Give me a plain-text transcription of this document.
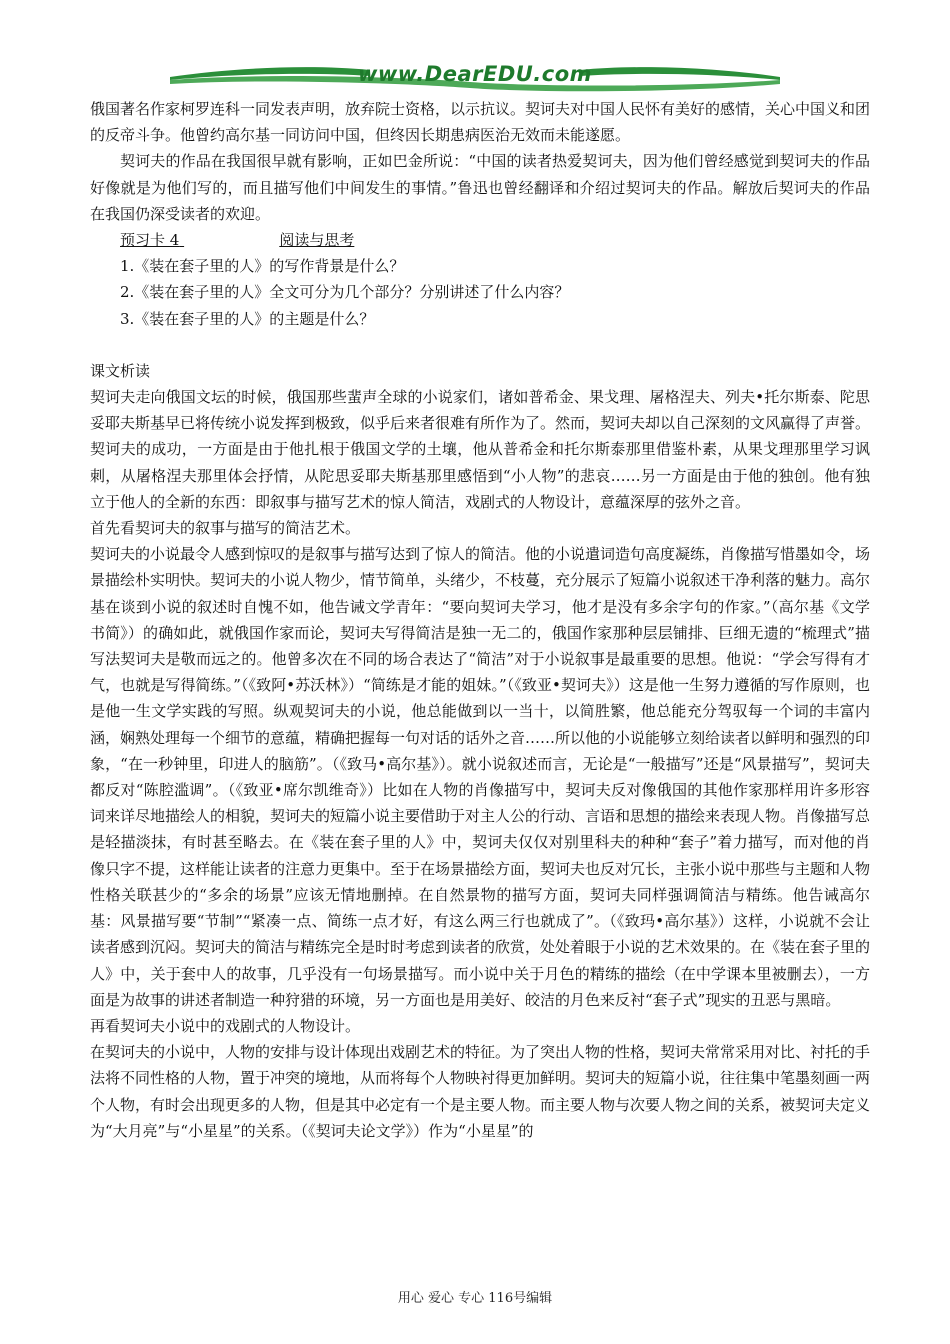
www.DearEDU.com

俄国著名作家柯罗连科一同发表声明，放弃院士资格，以示抗议。契诃夫对中国人民怀有美好的感情，关心中国义和团的反帝斗争。他曾约高尔基一同访问中国，但终因长期患病医治无效而未能遂愿。

契诃夫的作品在我国很早就有影响，正如巴金所说：“中国的读者热爱契诃夫，因为他们曾经感觉到契诃夫的作品好像就是为他们写的，而且描写他们中间发生的事情。”鲁迅也曾经翻译和介绍过契诃夫的作品。解放后契诃夫的作品在我国仍深受读者的欢迎。

预习卡 4	阅读与思考

1.《装在套子里的人》的写作背景是什么？

2.《装在套子里的人》全文可分为几个部分？分别讲述了什么内容？

3.《装在套子里的人》的主题是什么？

课文析读

契诃夫走向俄国文坛的时候，俄国那些蜚声全球的小说家们，诸如普希金、果戈理、屠格涅夫、列夫•托尔斯泰、陀思妥耶夫斯基早已将传统小说发挥到极致，似乎后来者很难有所作为了。然而，契诃夫却以自己深刻的文风赢得了声誉。契诃夫的成功，一方面是由于他扎根于俄国文学的土壤，他从普希金和托尔斯泰那里借鉴朴素，从果戈理那里学习讽刺，从屠格涅夫那里体会抒情，从陀思妥耶夫斯基那里感悟到“小人物”的悲哀……另一方面是由于他的独创。他有独立于他人的全新的东西：即叙事与描写艺术的惊人简洁，戏剧式的人物设计，意蕴深厚的弦外之音。

首先看契诃夫的叙事与描写的简洁艺术。

契诃夫的小说最令人感到惊叹的是叙事与描写达到了惊人的简洁。他的小说遣词造句高度凝练，肖像描写惜墨如令，场景描绘朴实明快。契诃夫的小说人物少，情节简单，头绪少，不枝蔓，充分展示了短篇小说叙述干净利落的魅力。高尔基在谈到小说的叙述时自愧不如，他告诫文学青年：“要向契诃夫学习，他才是没有多余字句的作家。”（高尔基《文学书简》）的确如此，就俄国作家而论，契诃夫写得简洁是独一无二的，俄国作家那种层层铺排、巨细无遗的“梳理式”描写法契诃夫是敬而远之的。他曾多次在不同的场合表达了“简洁”对于小说叙事是最重要的思想。他说：“学会写得有才气，也就是写得简练。”（《致阿•苏沃林》）“简练是才能的姐妹。”（《致亚•契诃夫》）这是他一生努力遵循的写作原则，也是他一生文学实践的写照。纵观契诃夫的小说，他总能做到以一当十，以简胜繁，他总能充分驾驭每一个词的丰富内涵，娴熟处理每一个细节的意蕴，精确把握每一句对话的话外之音……所以他的小说能够立刻给读者以鲜明和强烈的印象，“在一秒钟里，印进人的脑筋”。（《致马•高尔基》）。就小说叙述而言，无论是“一般描写”还是“风景描写”，契诃夫都反对“陈腔滥调”。（《致亚•席尔凯维奇》）比如在人物的肖像描写中，契诃夫反对像俄国的其他作家那样用许多形容词来详尽地描绘人的相貌，契诃夫的短篇小说主要借助于对主人公的行动、言语和思想的描绘来表现人物。肖像描写总是轻描淡抹，有时甚至略去。在《装在套子里的人》中，契诃夫仅仅对别里科夫的种种“套子”着力描写，而对他的肖像只字不提，这样能让读者的注意力更集中。至于在场景描绘方面，契诃夫也反对冗长，主张小说中那些与主题和人物性格关联甚少的“多余的场景”应该无情地删掉。在自然景物的描写方面，契诃夫同样强调简洁与精练。他告诫高尔基：风景描写要“节制”“紧凑一点、简练一点才好，有这么两三行也就成了”。（《致玛•高尔基》）这样，小说就不会让读者感到沉闷。契诃夫的简洁与精练完全是时时考虑到读者的欣赏，处处着眼于小说的艺术效果的。在《装在套子里的人》中，关于套中人的故事，几乎没有一句场景描写。而小说中关于月色的精练的描绘（在中学课本里被删去），一方面是为故事的讲述者制造一种狩猎的环境，另一方面也是用美好、皎洁的月色来反衬“套子式”现实的丑恶与黑暗。

再看契诃夫小说中的戏剧式的人物设计。

在契诃夫的小说中，人物的安排与设计体现出戏剧艺术的特征。为了突出人物的性格，契诃夫常常采用对比、衬托的手法将不同性格的人物，置于冲突的境地，从而将每个人物映衬得更加鲜明。契诃夫的短篇小说，往往集中笔墨刻画一两个人物，有时会出现更多的人物，但是其中必定有一个是主要人物。而主要人物与次要人物之间的关系，被契诃夫定义为“大月亮”与“小星星”的关系。（《契诃夫论文学》）作为“小星星”的

用心 爱心 专心 116号编辑
